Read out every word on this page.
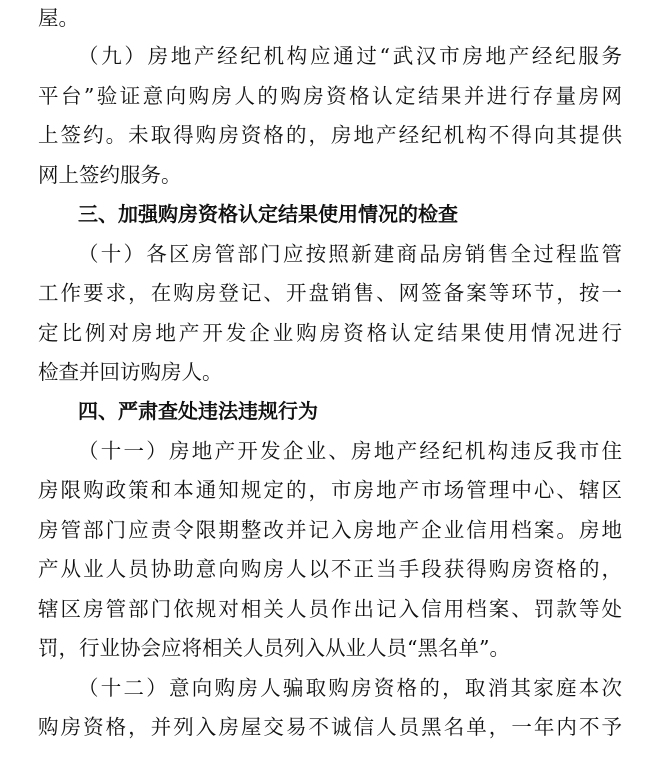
屋。
（九）房地产经纪机构应通过“武汉市房地产经纪服务
平台”验证意向购房人的购房资格认定结果并进行存量房网
上签约。未取得购房资格的，房地产经纪机构不得向其提供
网上签约服务。
三、加强购房资格认定结果使用情况的检查
（十）各区房管部门应按照新建商品房销售全过程监管
工作要求，在购房登记、开盘销售、网签备案等环节，按一
定比例对房地产开发企业购房资格认定结果使用情况进行
检查并回访购房人。
四、严肃查处违法违规行为
（十一）房地产开发企业、房地产经纪机构违反我市住
房限购政策和本通知规定的，市房地产市场管理中心、辖区
房管部门应责令限期整改并记入房地产企业信用档案。房地
产从业人员协助意向购房人以不正当手段获得购房资格的，
辖区房管部门依规对相关人员作出记入信用档案、罚款等处
罚，行业协会应将相关人员列入从业人员“黑名单”。
（十二）意向购房人骗取购房资格的，取消其家庭本次
购房资格，并列入房屋交易不诚信人员黑名单，一年内不予
